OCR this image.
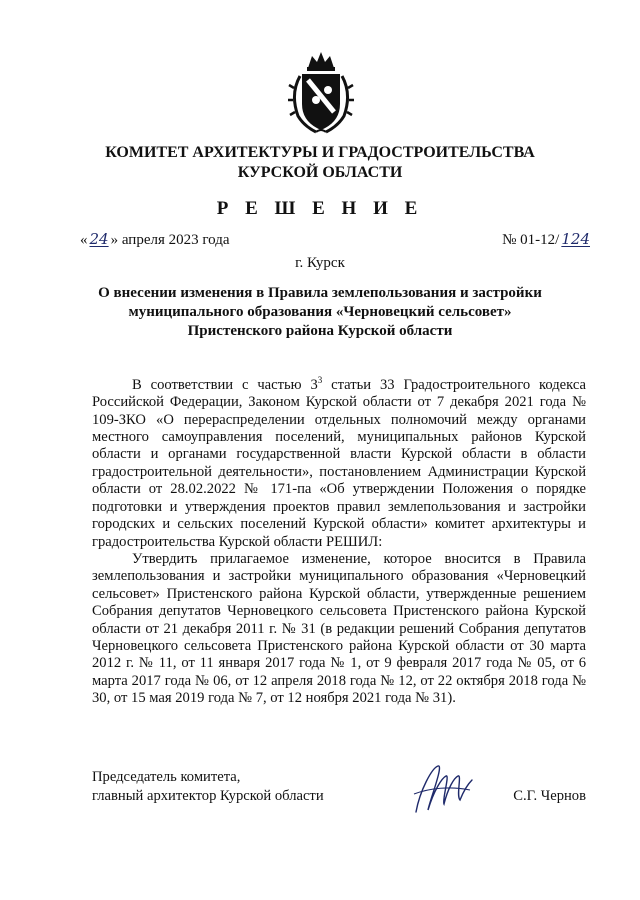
КОМИТЕТ АРХИТЕКТУРЫ И ГРАДОСТРОИТЕЛЬСТВА
КУРСКОЙ ОБЛАСТИ
Р Е Ш Е Н И Е
« 24 » апреля 2023 года	№ 01-12/ 124
г. Курск
О внесении изменения в Правила землепользования и застройки
муниципального образования «Черновецкий сельсовет»
Пристенского района Курской области

В соответствии с частью $3^3$ статьи 33 Градостроительного кодекса Российской Федерации, Законом Курской области от 7 декабря 2021 года № 109-ЗКО «О перераспределении отдельных полномочий между органами местного самоуправления поселений, муниципальных районов Курской области и органами государственной власти Курской области в области градостроительной деятельности», постановлением Администрации Курской области от 28.02.2022 № 171-па «Об утверждении Положения о порядке подготовки и утверждения проектов правил землепользования и застройки городских и сельских поселений Курской области» комитет архитектуры и градостроительства Курской области РЕШИЛ:

Утвердить прилагаемое изменение, которое вносится в Правила землепользования и застройки муниципального образования «Черновецкий сельсовет» Пристенского района Курской области, утвержденные решением Собрания депутатов Черновецкого сельсовета Пристенского района Курской области от 21 декабря 2011 г. № 31 (в редакции решений Собрания депутатов Черновецкого сельсовета Пристенского района Курской области от 30 марта 2012 г. № 11, от 11 января 2017 года № 1, от 9 февраля 2017 года № 05, от 6 марта 2017 года № 06, от 12 апреля 2018 года № 12, от 22 октября 2018 года № 30, от 15 мая 2019 года № 7, от 12 ноября 2021 года № 31).

Председатель комитета,
главный архитектор Курской области	С.Г. Чернов
